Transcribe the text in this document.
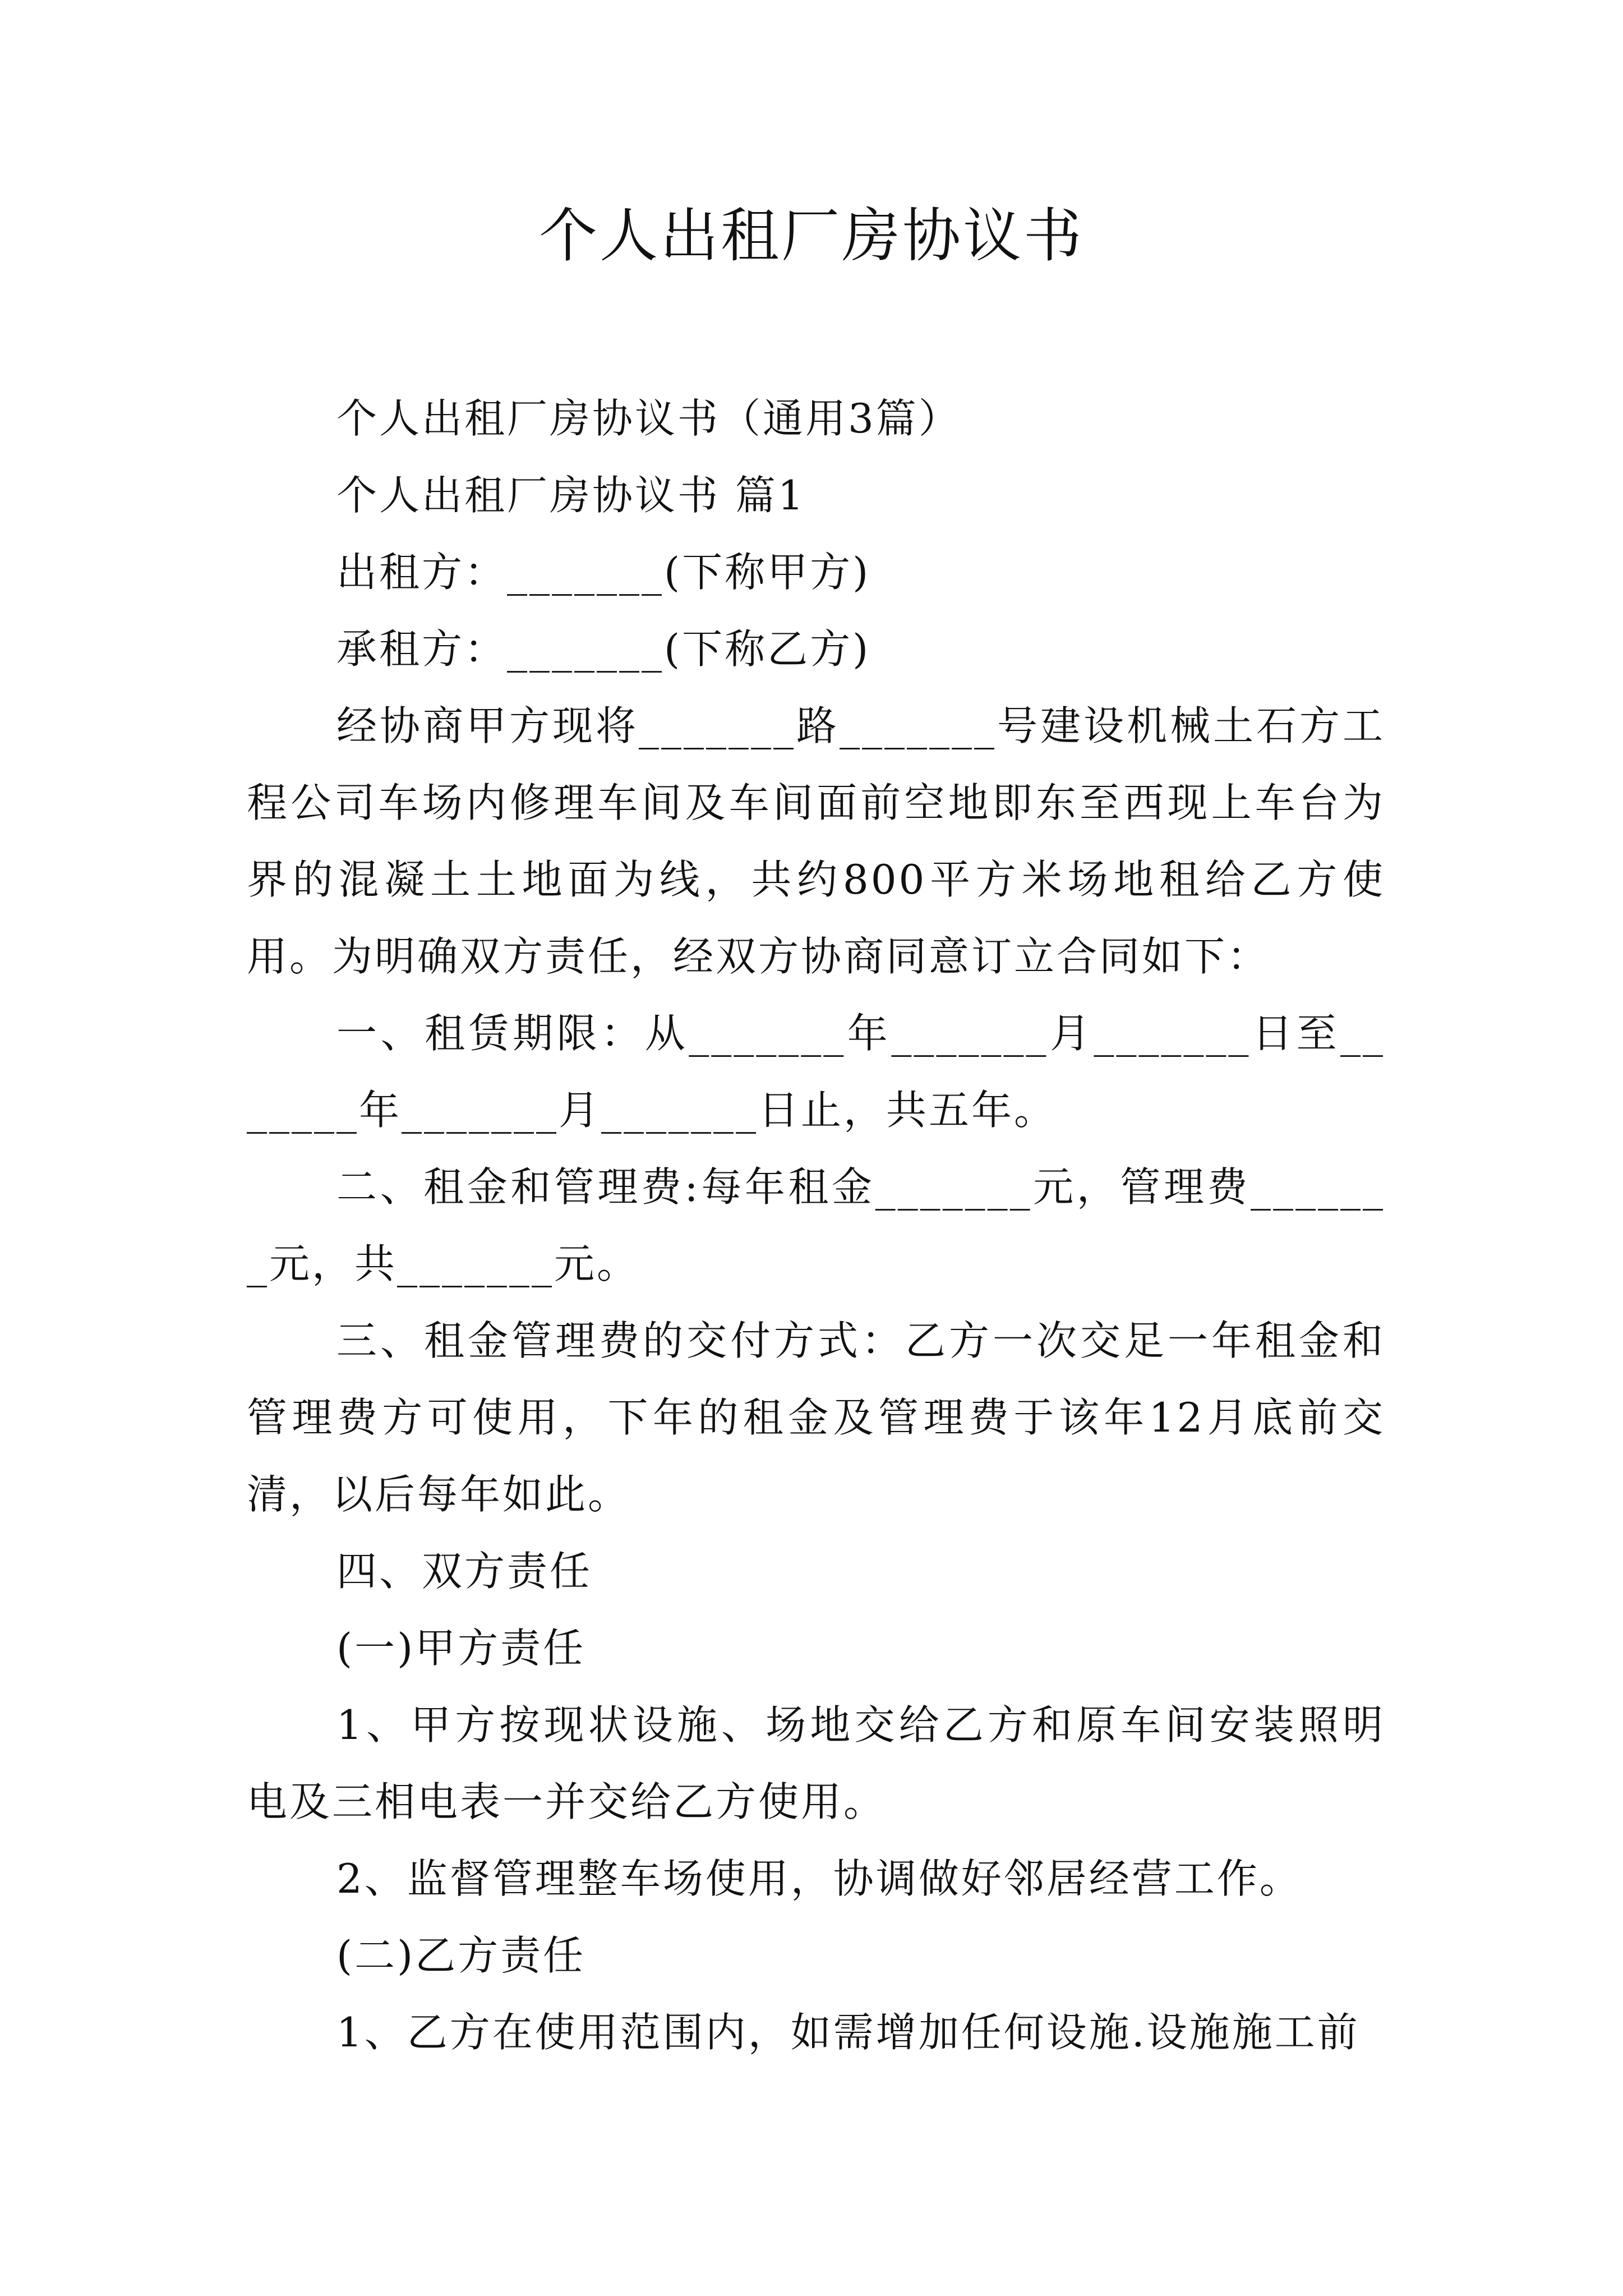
个人出租厂房协议书

个人出租厂房协议书（通用3篇）

个人出租厂房协议书 篇1

出租方：_______(下称甲方)

承租方：_______(下称乙方)

经协商甲方现将_______路_______号建设机械土石方工程公司车场内修理车间及车间面前空地即东至西现上车台为界的混凝土土地面为线，共约800平方米场地租给乙方使用。为明确双方责任，经双方协商同意订立合同如下：

一、租赁期限：从_______年_______月_______日至_______年_______月_______日止，共五年。

二、租金和管理费:每年租金_______元，管理费_______元，共_______元。

三、租金管理费的交付方式：乙方一次交足一年租金和管理费方可使用，下年的租金及管理费于该年12月底前交清，以后每年如此。

四、双方责任

(一)甲方责任

1、甲方按现状设施、场地交给乙方和原车间安装照明电及三相电表一并交给乙方使用。

2、监督管理整车场使用，协调做好邻居经营工作。

(二)乙方责任

1、乙方在使用范围内，如需增加任何设施.设施施工前
